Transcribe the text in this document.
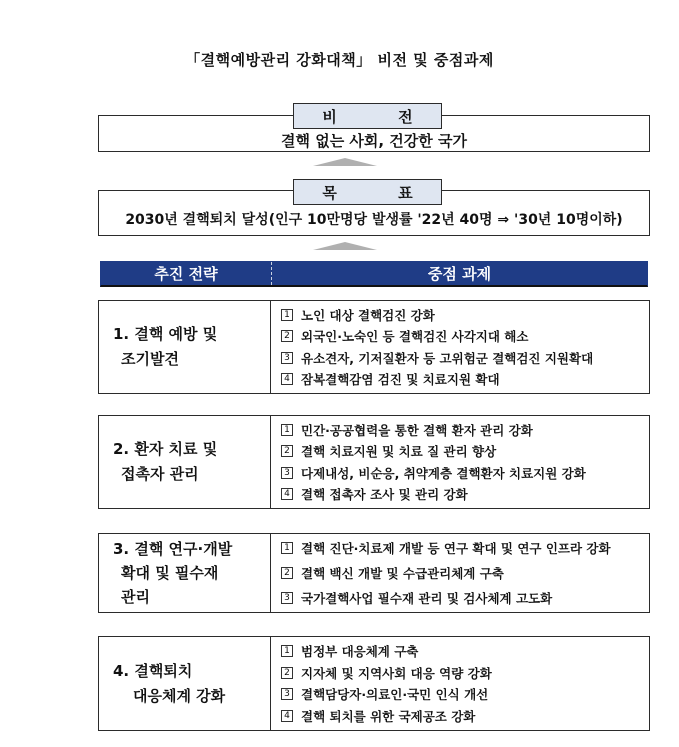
「결핵예방관리 강화대책」 비전 및 중점과제
결핵 없는 사회, 건강한 국가
비 전
2030년 결핵퇴치 달성(인구 10만명당 발생률 '22년 40명 ⇒ '30년 10명이하)
목 표
추진 전략	중점 과제
1. 결핵 예방 및
조기발견
1 노인 대상 결핵검진 강화
2 외국인·노숙인 등 결핵검진 사각지대 해소
3 유소견자, 기저질환자 등 고위험군 결핵검진 지원확대
4 잠복결핵감염 검진 및 치료지원 확대
2. 환자 치료 및
접촉자 관리
1 민간·공공협력을 통한 결핵 환자 관리 강화
2 결핵 치료지원 및 치료 질 관리 향상
3 다제내성, 비순응, 취약계층 결핵환자 치료지원 강화
4 결핵 접촉자 조사 및 관리 강화
3. 결핵 연구·개발
확대 및 필수재
관리
1 결핵 진단·치료제 개발 등 연구 확대 및 연구 인프라 강화
2 결핵 백신 개발 및 수급관리체계 구축
3 국가결핵사업 필수재 관리 및 검사체계 고도화
4. 결핵퇴치
대응체계 강화
1 범정부 대응체계 구축
2 지자체 및 지역사회 대응 역량 강화
3 결핵담당자·의료인·국민 인식 개선
4 결핵 퇴치를 위한 국제공조 강화
